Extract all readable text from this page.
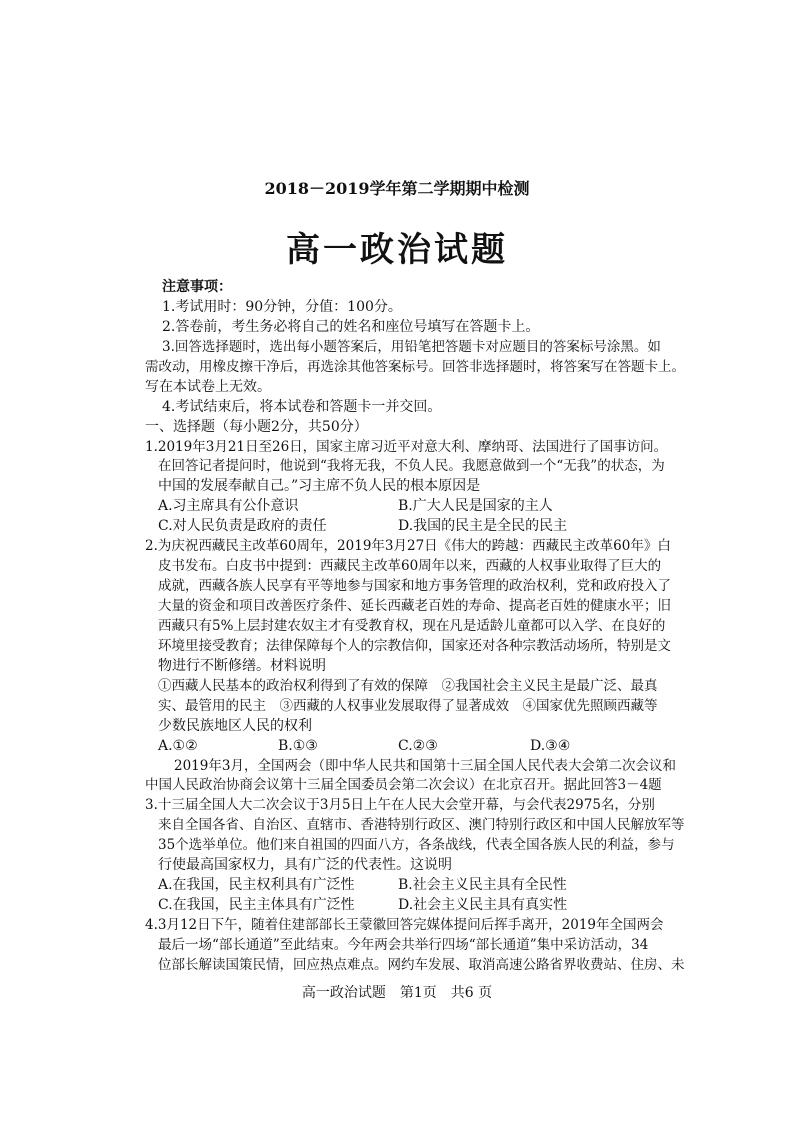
2018－2019学年第二学期期中检测
高一政治试题
注意事项：
1.考试用时：90分钟，分值：100分。
2.答卷前，考生务必将自己的姓名和座位号填写在答题卡上。
3.回答选择题时，选出每小题答案后，用铅笔把答题卡对应题目的答案标号涂黑。如
需改动，用橡皮擦干净后，再选涂其他答案标号。回答非选择题时，将答案写在答题卡上。
写在本试卷上无效。
4.考试结束后，将本试卷和答题卡一并交回。
一、选择题（每小题2分，共50分）
1.2019年3月21日至26日，国家主席习近平对意大利、摩纳哥、法国进行了国事访问。
在回答记者提问时，他说到“我将无我，不负人民。我愿意做到一个“无我”的状态，为
中国的发展奉献自己。”习主席不负人民的根本原因是
A.习主席具有公仆意识	B.广大人民是国家的主人
C.对人民负责是政府的责任	D.我国的民主是全民的民主
2.为庆祝西藏民主改革60周年，2019年3月27日《伟大的跨越：西藏民主改革60年》白
皮书发布。白皮书中提到：西藏民主改革60周年以来，西藏的人权事业取得了巨大的
成就，西藏各族人民享有平等地参与国家和地方事务管理的政治权利，党和政府投入了
大量的资金和项目改善医疗条件、延长西藏老百姓的寿命、提高老百姓的健康水平；旧
西藏只有5%上层封建农奴主才有受教育权，现在凡是适龄儿童都可以入学、在良好的
环境里接受教育；法律保障每个人的宗教信仰，国家还对各种宗教活动场所，特别是文
物进行不断修缮。材料说明
①西藏人民基本的政治权利得到了有效的保障　②我国社会主义民主是最广泛、最真
实、最管用的民主　③西藏的人权事业发展取得了显著成效　④国家优先照顾西藏等
少数民族地区人民的权利
A.①②	B.①③	C.②③	D.③④
2019年3月，全国两会（即中华人民共和国第十三届全国人民代表大会第二次会议和
中国人民政治协商会议第十三届全国委员会第二次会议）在北京召开。据此回答3－4题
3.十三届全国人大二次会议于3月5日上午在人民大会堂开幕，与会代表2975名，分别
来自全国各省、自治区、直辖市、香港特别行政区、澳门特别行政区和中国人民解放军等
35个选举单位。他们来自祖国的四面八方，各条战线，代表全国各族人民的利益，参与
行使最高国家权力，具有广泛的代表性。这说明
A.在我国，民主权利具有广泛性	B.社会主义民主具有全民性
C.在我国，民主主体具有广泛性	D.社会主义民主具有真实性
高一政治试题　第1页　共6 页
4.3月12日下午，随着住建部部长王蒙徽回答完媒体提问后挥手离开，2019年全国两会
最后一场“部长通道”至此结束。今年两会共举行四场“部长通道”集中采访活动，34
位部长解读国策民情，回应热点难点。网约车发展、取消高速公路省界收费站、住房、未
